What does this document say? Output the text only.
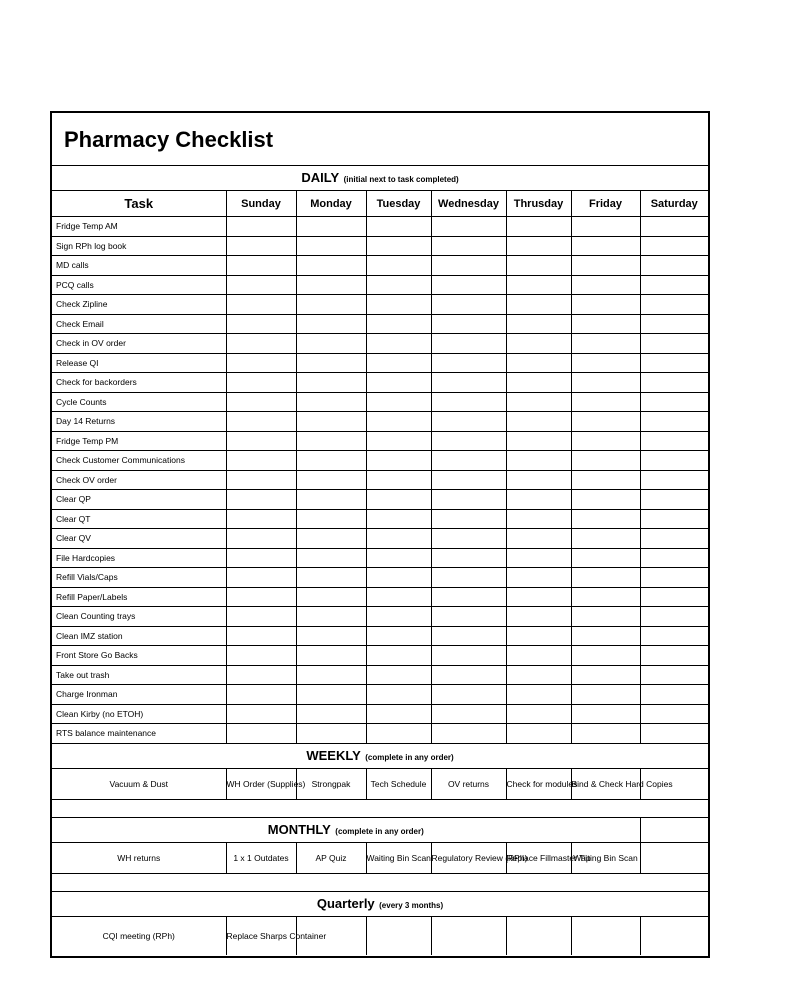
Pharmacy Checklist
DAILY (initial next to task completed)							
Task	Sunday	Monday	Tuesday	Wednesday	Thrusday	Friday	Saturday
Fridge Temp AM							
Sign RPh log book							
MD calls							
PCQ calls							
Check Zipline							
Check Email							
Check in OV order							
Release QI							
Check for backorders							
Cycle Counts							
Day 14 Returns							
Fridge Temp PM							
Check Customer Communications							
Check OV order							
Clear QP							
Clear QT							
Clear QV							
File Hardcopies							
Refill Vials/Caps							
Refill Paper/Labels							
Clean Counting trays							
Clean IMZ station							
Front Store Go Backs							
Take out trash							
Charge Ironman							
Clean Kirby (no ETOH)							
RTS balance maintenance							
WEEKLY (complete in any order)							
Vacuum & Dust	WH Order (Supplies)	Strongpak	Tech Schedule	OV returns	Check for modules	Bind & Check Hard Copies	

MONTHLY (complete in any order)							
WH returns	1 x 1 Outdates	AP Quiz	Waiting Bin Scan	Regulatory Review (RPh)	Replace Fillmaster Tip	Waiting Bin Scan	

Quarterly (every 3 months)							
CQI meeting (RPh)	Replace Sharps Container						
